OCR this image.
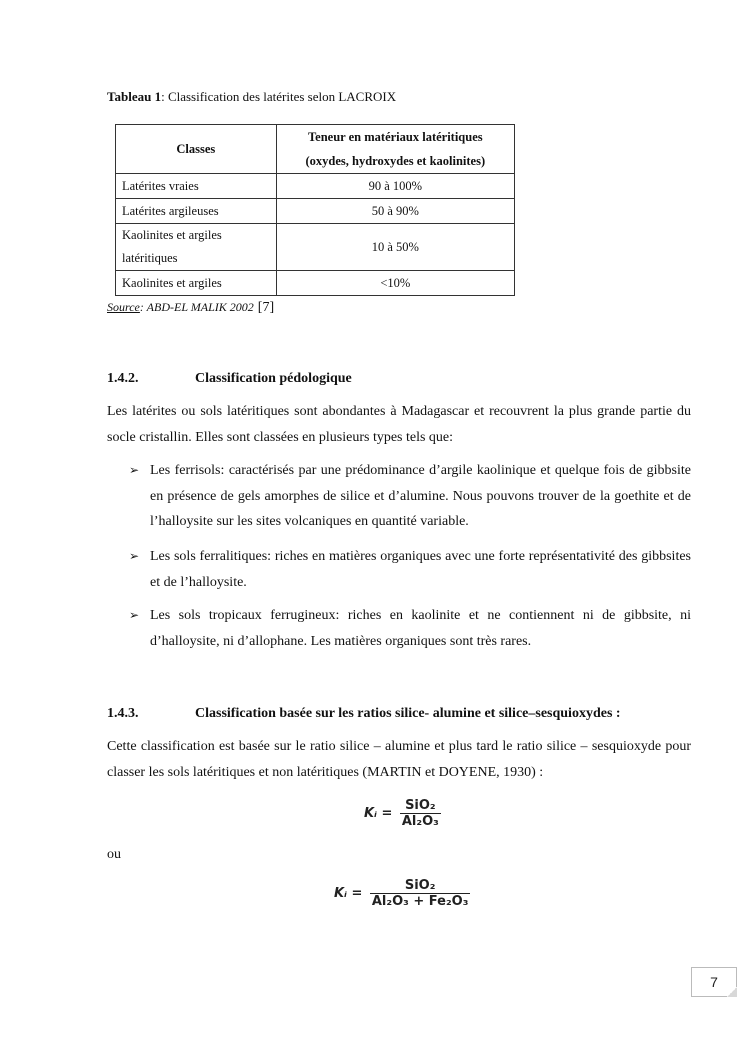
Tableau 1: Classification des latérites selon LACROIX
Classes	Teneur en matériaux latéritiques
(oxydes, hydroxydes et kaolinites)

Latérites vraies	90 à 100%
Latérites argileuses	50 à 90%

Kaolinites et argiles
latéritiques	10 à 50%
Kaolinites et argiles	<10%
Source: ABD-EL MALIK 2002 [7]
1.4.2.	Classification pédologique
Les latérites ou sols latéritiques sont abondantes à Madagascar et recouvrent la plus grande partie du socle cristallin. Elles sont classées en plusieurs types tels que:
➢ Les ferrisols: caractérisés par une prédominance d’argile kaolinique et quelque fois de gibbsite en présence de gels amorphes de silice et d’alumine. Nous pouvons trouver de la goethite et de l’halloysite sur les sites volcaniques en quantité variable.
➢ Les sols ferralitiques: riches en matières organiques avec une forte représentativité des gibbsites et de l’halloysite.
➢ Les sols tropicaux ferrugineux: riches en kaolinite et ne contiennent ni de gibbsite, ni d’halloysite, ni d’allophane. Les matières organiques sont très rares.
1.4.3.	Classification basée sur les ratios silice- alumine et silice–sesquioxydes :
Cette classification est basée sur le ratio silice – alumine et plus tard le ratio silice – sesquioxyde pour classer les sols latéritiques et non latéritiques (MARTIN et DOYENE, 1930) :
Kᵢ = $\frac{\text{SiO₂}}{\text{Al₂O₃}}$
ou
Kᵢ = $\frac{\text{SiO₂}}{\text{Al₂O₃ + Fe₂O₃}}$
7
